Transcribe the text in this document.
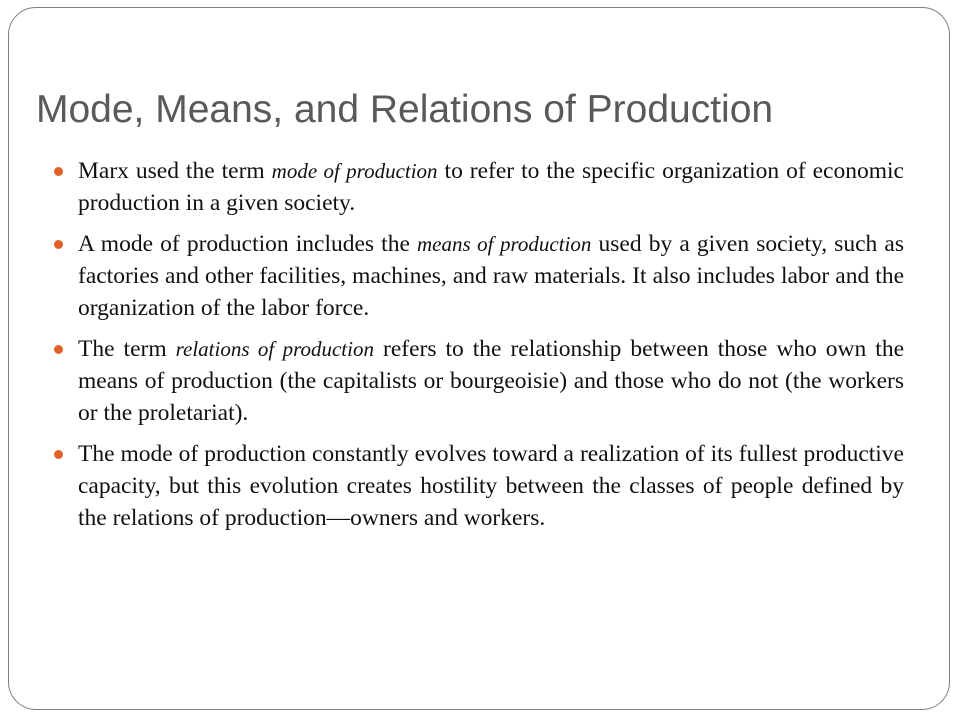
Mode, Means, and Relations of Production
Marx used the term mode of production to refer to the specific organization of economic production in a given society.
A mode of production includes the means of production used by a given society, such as factories and other facilities, machines, and raw materials. It also includes labor and the organization of the labor force.
The term relations of production refers to the relationship between those who own the means of production (the capitalists or bourgeoisie) and those who do not (the workers or the proletariat).
The mode of production constantly evolves toward a realization of its fullest productive capacity, but this evolution creates hostility between the classes of people defined by the relations of production—owners and workers.
